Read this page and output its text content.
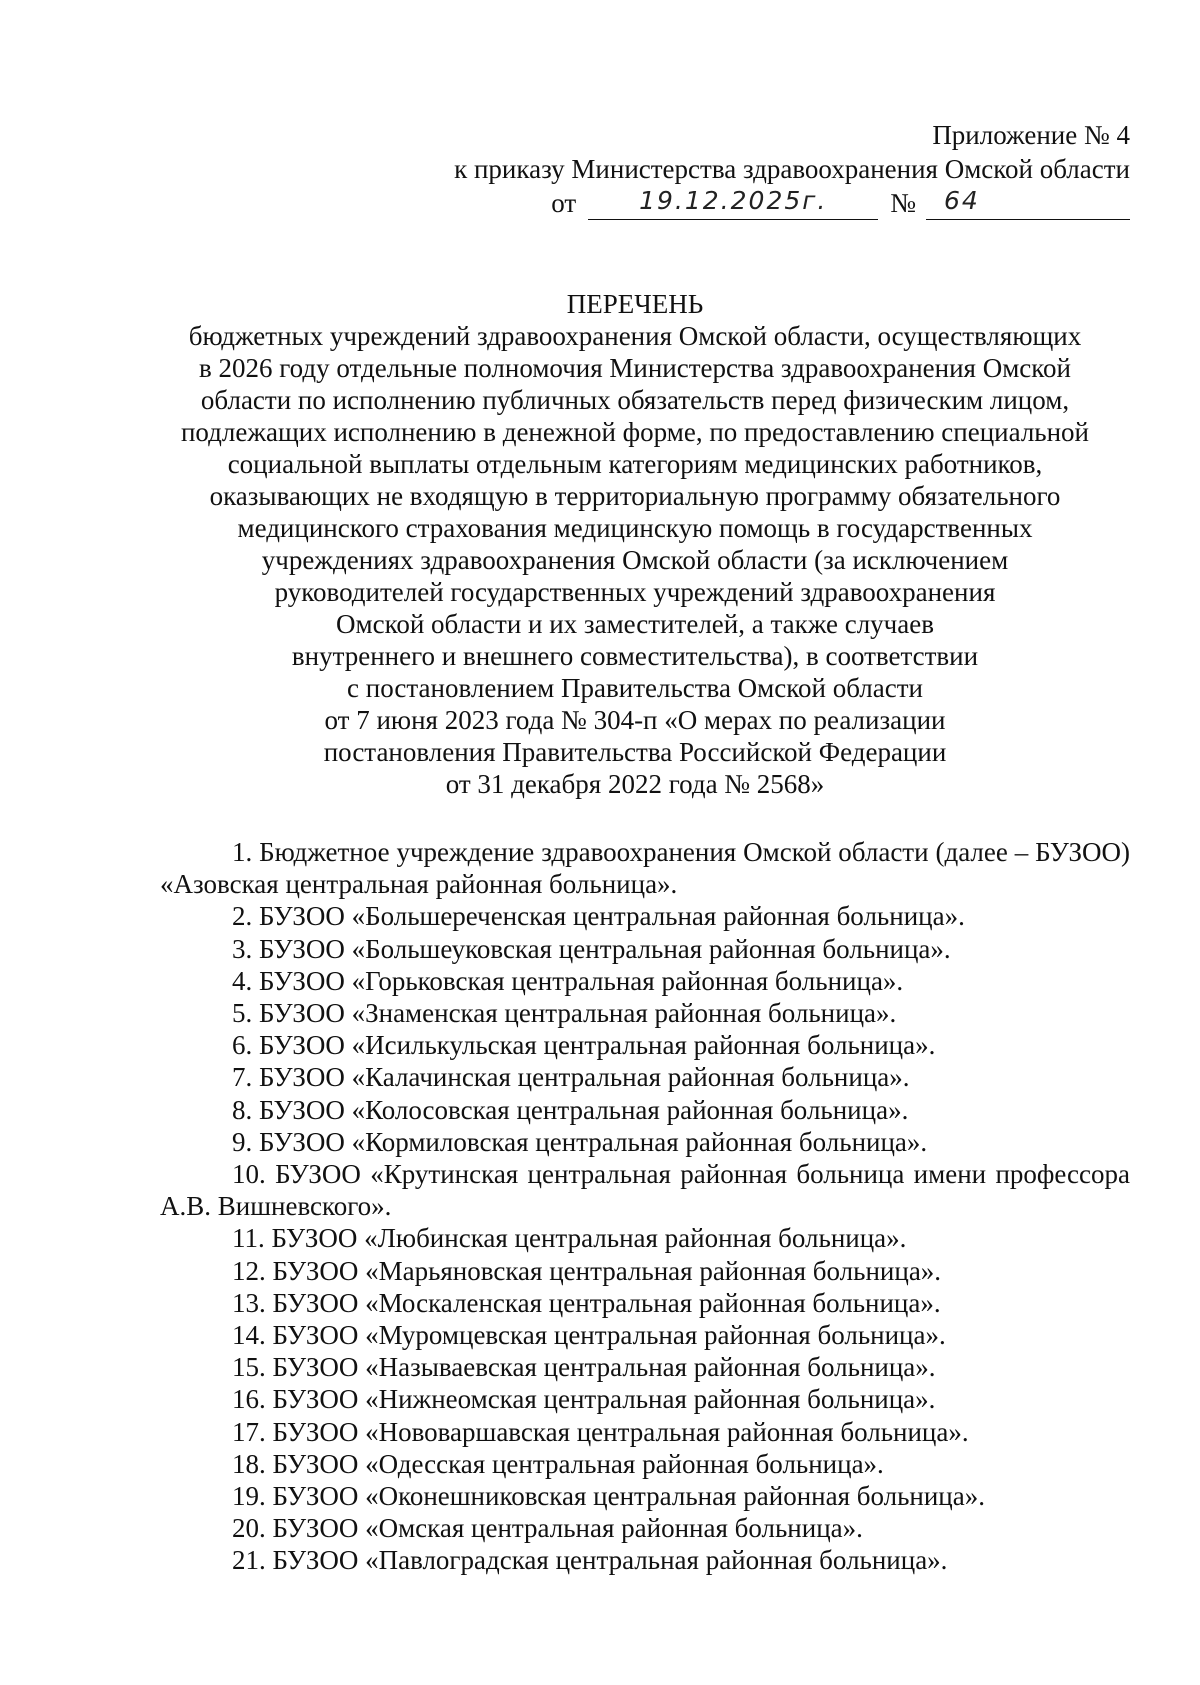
Приложение № 4
к приказу Министерства здравоохранения Омской области
от	19.12.2025г.	№	64
ПЕРЕЧЕНЬ
бюджетных учреждений здравоохранения Омской области, осуществляющих
в 2026 году отдельные полномочия Министерства здравоохранения Омской
области по исполнению публичных обязательств перед физическим лицом,
подлежащих исполнению в денежной форме, по предоставлению специальной
социальной выплаты отдельным категориям медицинских работников,
оказывающих не входящую в территориальную программу обязательного
медицинского страхования медицинскую помощь в государственных
учреждениях здравоохранения Омской области (за исключением
руководителей государственных учреждений здравоохранения
Омской области и их заместителей, а также случаев
внутреннего и внешнего совместительства), в соответствии
с постановлением Правительства Омской области
от 7 июня 2023 года № 304-п «О мерах по реализации
постановления Правительства Российской Федерации
от 31 декабря 2022 года № 2568»
1. Бюджетное учреждение здравоохранения Омской области (далее – БУЗОО) «Азовская центральная районная больница».
2. БУЗОО «Большереченская центральная районная больница».
3. БУЗОО «Большеуковская центральная районная больница».
4. БУЗОО «Горьковская центральная районная больница».
5. БУЗОО «Знаменская центральная районная больница».
6. БУЗОО «Исилькульская центральная районная больница».
7. БУЗОО «Калачинская центральная районная больница».
8. БУЗОО «Колосовская центральная районная больница».
9. БУЗОО «Кормиловская центральная районная больница».
10. БУЗОО «Крутинская центральная районная больница имени профессора А.В. Вишневского».
11. БУЗОО «Любинская центральная районная больница».
12. БУЗОО «Марьяновская центральная районная больница».
13. БУЗОО «Москаленская центральная районная больница».
14. БУЗОО «Муромцевская центральная районная больница».
15. БУЗОО «Называевская центральная районная больница».
16. БУЗОО «Нижнеомская центральная районная больница».
17. БУЗОО «Нововаршавская центральная районная больница».
18. БУЗОО «Одесская центральная районная больница».
19. БУЗОО «Оконешниковская центральная районная больница».
20. БУЗОО «Омская центральная районная больница».
21. БУЗОО «Павлоградская центральная районная больница».
